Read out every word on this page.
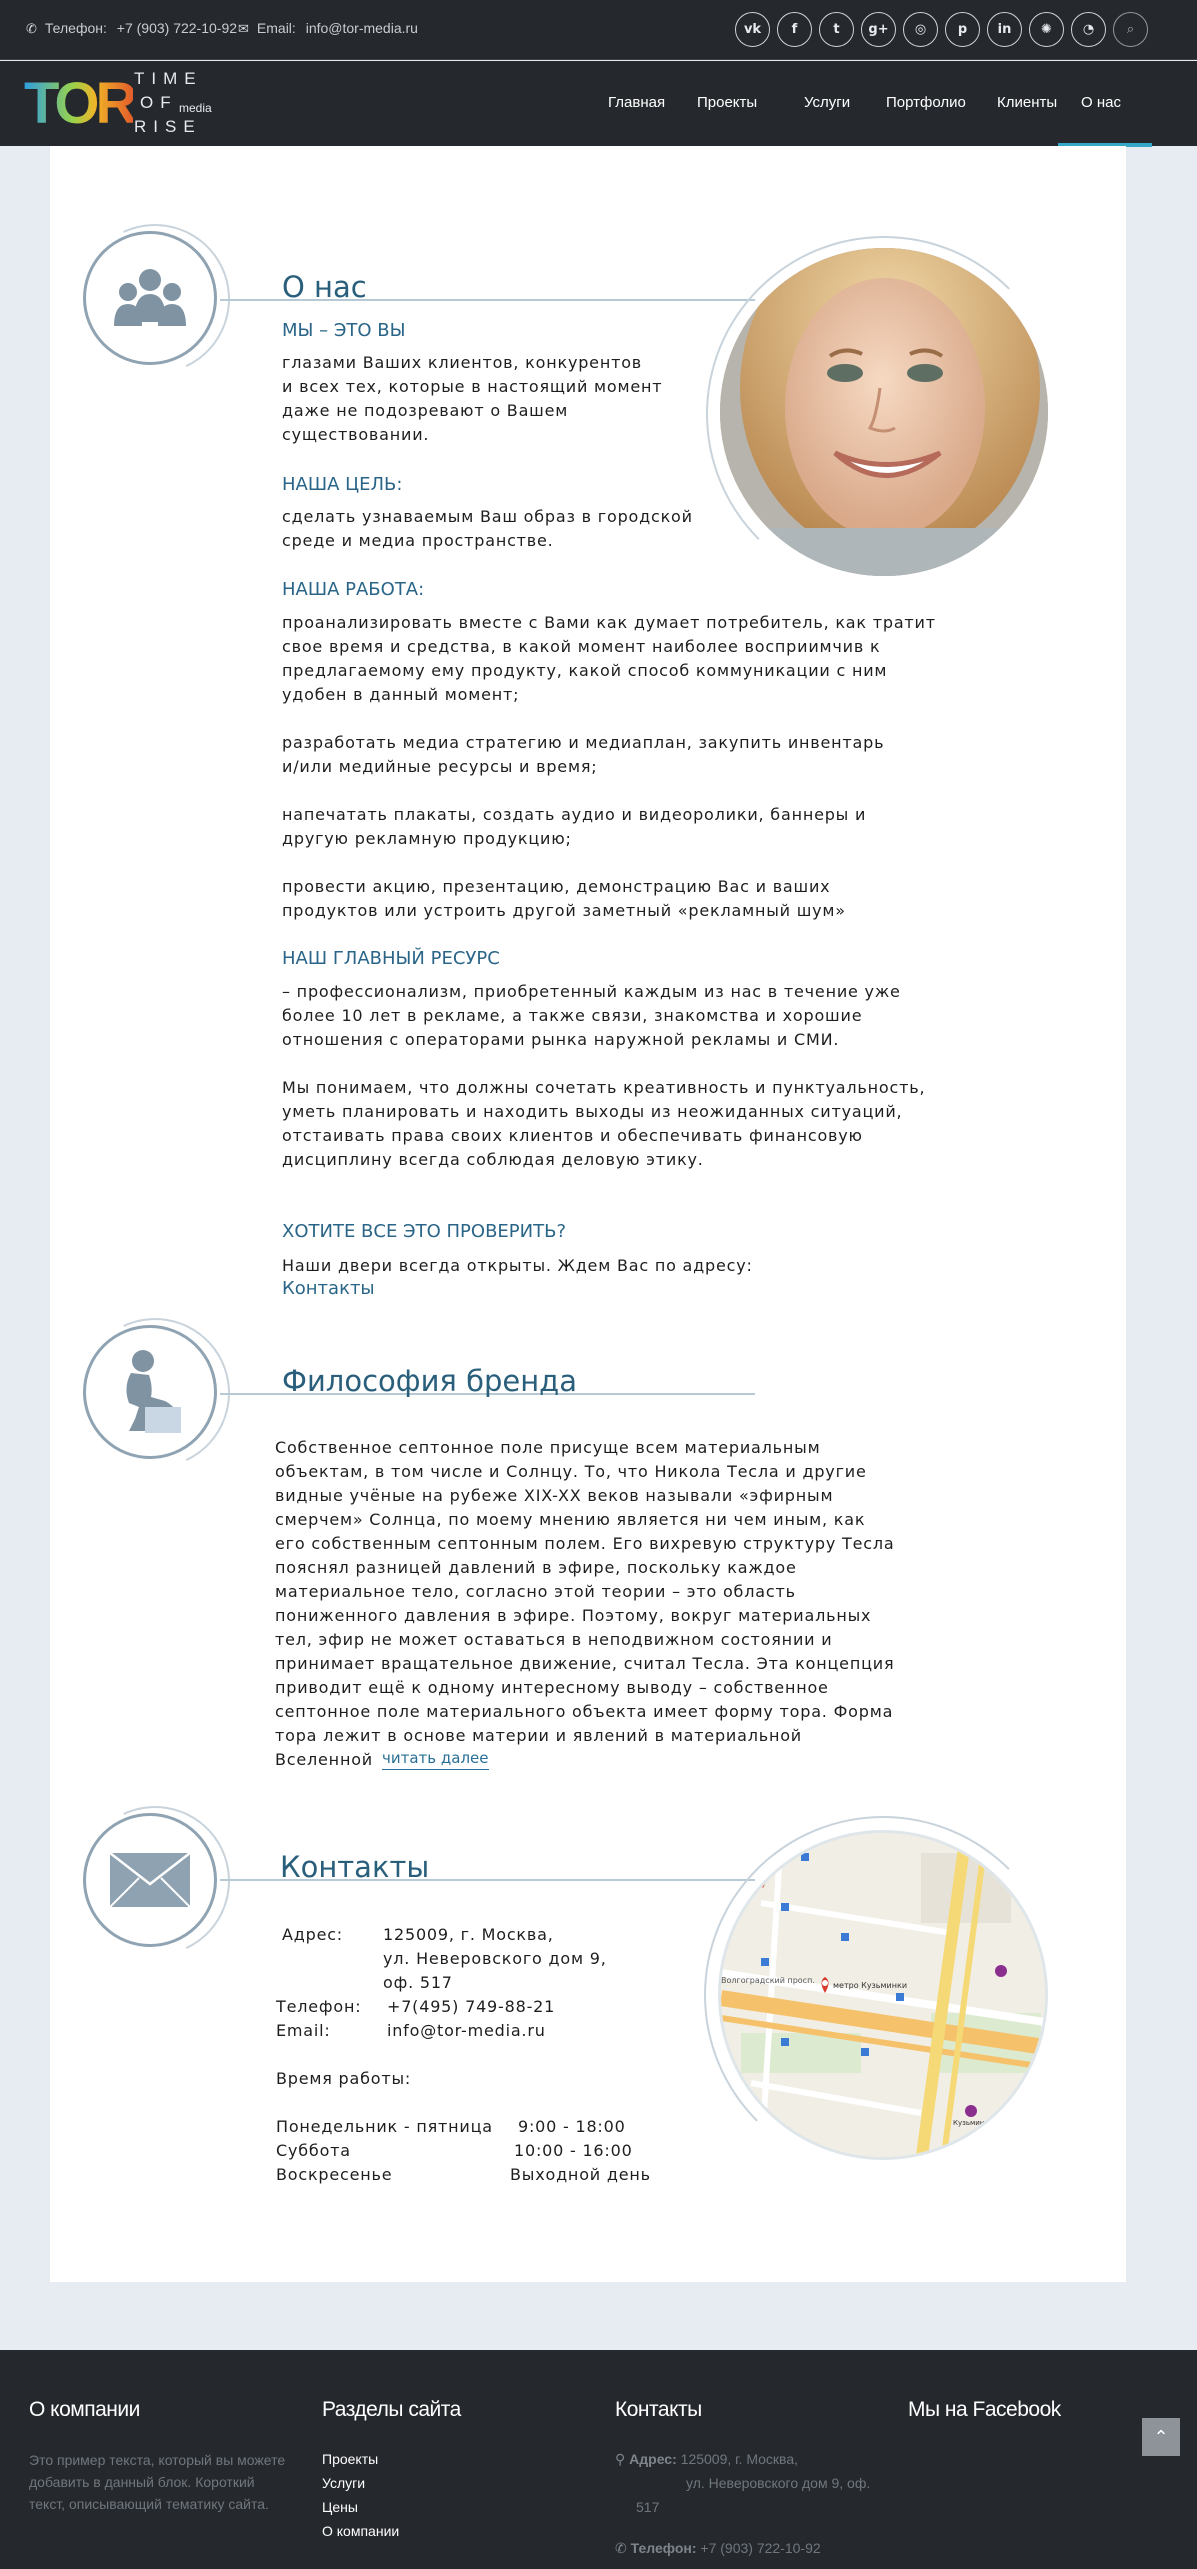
✆ Телефон: +7 (903) 722-10-92 ✉ Email: info@tor-media.ru	vk	f	t	g+	◎	p	in	✺	◔	⌕
TOR TIME
OF
RISE
media	Главная Проекты	Услуги Портфолио Клиенты О нас
О нас
МЫ – ЭТО ВЫ
глазами Ваших клиентов, конкурентов
и всех тех, которые в настоящий момент
даже не подозревают о Вашем
существовании.
НАША ЦЕЛЬ:
сделать узнаваемым Ваш образ в городской
среде и медиа пространстве.
НАША РАБОТА:
проанализировать вместе с Вами как думает потребитель, как тратит
свое время и средства, в какой момент наиболее восприимчив к
предлагаемому ему продукту, какой способ коммуникации с ним
удобен в данный момент;

разработать медиа стратегию и медиаплан, закупить инвентарь
и/или медийные ресурсы и время;

напечатать плакаты, создать аудио и видеоролики, баннеры и
другую рекламную продукцию;

провести акцию, презентацию, демонстрацию Вас и ваших
продуктов или устроить другой заметный «рекламный шум»
НАШ ГЛАВНЫЙ РЕСУРС
– профессионализм, приобретенный каждым из нас в течение уже
более 10 лет в рекламе, а также связи, знакомства и хорошие
отношения с операторами рынка наружной рекламы и СМИ.

Мы понимаем, что должны сочетать креативность и пунктуальность,
уметь планировать и находить выходы из неожиданных ситуаций,
отстаивать права своих клиентов и обеспечивать финансовую
дисциплину всегда соблюдая деловую этику.
ХОТИТЕ ВСЕ ЭТО ПРОВЕРИТЬ?
Наши двери всегда открыты. Ждем Вас по адресу:
Контакты
Философия бренда
Собственное септонное поле присуще всем материальным
объектам, в том числе и Солнцу. То, что Никола Тесла и другие
видные учёные на рубеже XIX-XX веков называли «эфирным
смерчем» Солнца, по моему мнению является ни чем иным, как
его собственным септонным полем. Его вихревую структуру Тесла
пояснял разницей давлений в эфире, поскольку каждое
материальное тело, согласно этой теории – это область
пониженного давления в эфире. Поэтому, вокруг материальных
тел, эфир не может оставаться в неподвижном состоянии и
принимает вращательное движение, считал Тесла. Эта концепция
приводит ещё к одному интересному выводу – собственное
септонное поле материального объекта имеет форму тора. Форма
тора лежит в основе материи и явлений в материальной
Вселенной читать далее
Контакты
Адрес:	125009, г. Москва,
ул. Неверовского дом 9,
оф. 517
Телефон: +7(495) 749-88-21
Email:	info@tor-media.ru
Время работы:
Понедельник - пятница 9:00 - 18:00
Суббота	10:00 - 16:00
Воскресенье	Выходной день
метро Кузьминки
Волгоградский просп.
Кузьминки
О компании
Это пример текста, который вы можете
добавить в данный блок. Короткий
текст, описывающий тематику сайта.
Разделы сайта
Проекты
Услуги
Цены
О компании
Контакты
⚲ Адрес: 125009, г. Москва,
ул. Неверовского дом 9, оф.
517
✆ Телефон: +7 (903) 722-10-92
Мы на Facebook
⌃
